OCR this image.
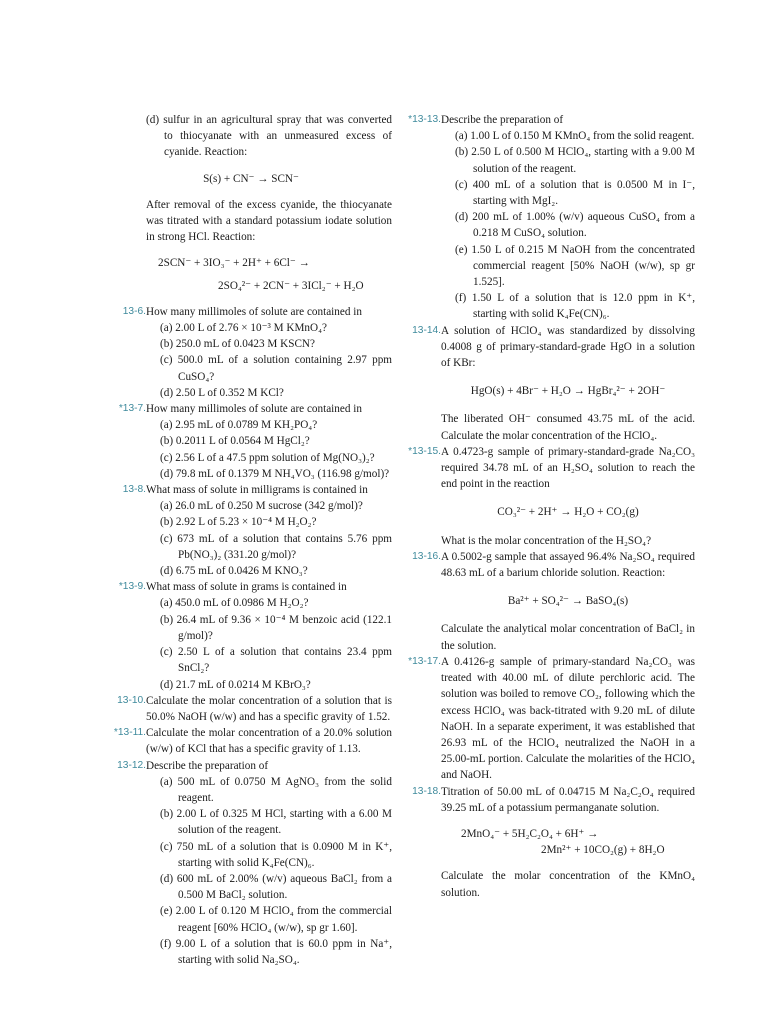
(d) sulfur in an agricultural spray that was converted to thiocyanate with an unmeasured excess of cyanide. Reaction:

S(s) + CN⁻ → SCN⁻

After removal of the excess cyanide, the thiocyanate was titrated with a standard potassium iodate solution in strong HCl. Reaction:

2SCN⁻ + 3IO₃⁻ + 2H⁺ + 6Cl⁻ →

2SO₄²⁻ + 2CN⁻ + 3ICl₂⁻ + H₂O

13-6. How many millimoles of solute are contained in

(a) 2.00 L of 2.76 × 10⁻³ M KMnO₄?

(b) 250.0 mL of 0.0423 M KSCN?

(c) 500.0 mL of a solution containing 2.97 ppm CuSO₄?

(d) 2.50 L of 0.352 M KCl?

*13-7. How many millimoles of solute are contained in

(a) 2.95 mL of 0.0789 M KH₂PO₄?

(b) 0.2011 L of 0.0564 M HgCl₂?

(c) 2.56 L of a 47.5 ppm solution of Mg(NO₃)₂?

(d) 79.8 mL of 0.1379 M NH₄VO₃ (116.98 g/mol)?

13-8. What mass of solute in milligrams is contained in

(a) 26.0 mL of 0.250 M sucrose (342 g/mol)?

(b) 2.92 L of 5.23 × 10⁻⁴ M H₂O₂?

(c) 673 mL of a solution that contains 5.76 ppm Pb(NO₃)₂ (331.20 g/mol)?

(d) 6.75 mL of 0.0426 M KNO₃?

*13-9. What mass of solute in grams is contained in

(a) 450.0 mL of 0.0986 M H₂O₂?

(b) 26.4 mL of 9.36 × 10⁻⁴ M benzoic acid (122.1 g/mol)?

(c) 2.50 L of a solution that contains 23.4 ppm SnCl₂?

(d) 21.7 mL of 0.0214 M KBrO₃?

13-10. Calculate the molar concentration of a solution that is 50.0% NaOH (w/w) and has a specific gravity of 1.52.

*13-11. Calculate the molar concentration of a 20.0% solution (w/w) of KCl that has a specific gravity of 1.13.

13-12. Describe the preparation of

(a) 500 mL of 0.0750 M AgNO₃ from the solid reagent.

(b) 2.00 L of 0.325 M HCl, starting with a 6.00 M solution of the reagent.

(c) 750 mL of a solution that is 0.0900 M in K⁺, starting with solid K₄Fe(CN)₆.

(d) 600 mL of 2.00% (w/v) aqueous BaCl₂ from a 0.500 M BaCl₂ solution.

(e) 2.00 L of 0.120 M HClO₄ from the commercial reagent [60% HClO₄ (w/w), sp gr 1.60].

(f) 9.00 L of a solution that is 60.0 ppm in Na⁺, starting with solid Na₂SO₄.

*13-13. Describe the preparation of

(a) 1.00 L of 0.150 M KMnO₄ from the solid reagent.

(b) 2.50 L of 0.500 M HClO₄, starting with a 9.00 M solution of the reagent.

(c) 400 mL of a solution that is 0.0500 M in I⁻, starting with MgI₂.

(d) 200 mL of 1.00% (w/v) aqueous CuSO₄ from a 0.218 M CuSO₄ solution.

(e) 1.50 L of 0.215 M NaOH from the concentrated commercial reagent [50% NaOH (w/w), sp gr 1.525].

(f) 1.50 L of a solution that is 12.0 ppm in K⁺, starting with solid K₄Fe(CN)₆.

13-14. A solution of HClO₄ was standardized by dissolving 0.4008 g of primary-standard-grade HgO in a solution of KBr:

HgO(s) + 4Br⁻ + H₂O → HgBr₄²⁻ + 2OH⁻

The liberated OH⁻ consumed 43.75 mL of the acid. Calculate the molar concentration of the HClO₄.

*13-15. A 0.4723-g sample of primary-standard-grade Na₂CO₃ required 34.78 mL of an H₂SO₄ solution to reach the end point in the reaction

CO₃²⁻ + 2H⁺ → H₂O + CO₂(g)

What is the molar concentration of the H₂SO₄?

13-16. A 0.5002-g sample that assayed 96.4% Na₂SO₄ required 48.63 mL of a barium chloride solution. Reaction:

Ba²⁺ + SO₄²⁻ → BaSO₄(s)

Calculate the analytical molar concentration of BaCl₂ in the solution.

*13-17. A 0.4126-g sample of primary-standard Na₂CO₃ was treated with 40.00 mL of dilute perchloric acid. The solution was boiled to remove CO₂, following which the excess HClO₄ was back-titrated with 9.20 mL of dilute NaOH. In a separate experiment, it was established that 26.93 mL of the HClO₄ neutralized the NaOH in a 25.00-mL portion. Calculate the molarities of the HClO₄ and NaOH.

13-18. Titration of 50.00 mL of 0.04715 M Na₂C₂O₄ required 39.25 mL of a potassium permanganate solution.

2MnO₄⁻ + 5H₂C₂O₄ + 6H⁺ →

2Mn²⁺ + 10CO₂(g) + 8H₂O

Calculate the molar concentration of the KMnO₄ solution.
